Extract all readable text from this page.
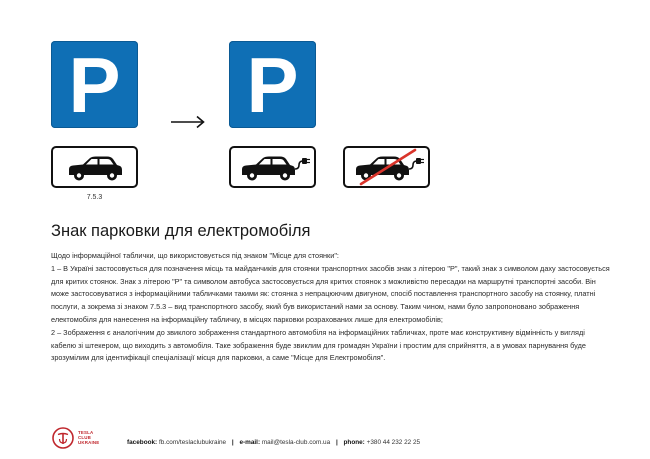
P
7.5.3
P
Знак парковки для електромобіля

Щодо інформаційної таблички, що використовується під знаком "Місце для стоянки":

1 – В Україні застосовується для позначення місць та майданчиків для стоянки транспортних засобів знак з літерою "P", такий знак з символом даху застосовується для критих стоянок. Знак з літерою "P" та символом автобуса застосовується для критих стоянок з можливістю пересадки на маршрутні транспортні засоби. Він може застосовуватися з інформаційними табличками такими як: стоянка з непрацюючим двигуном, спосіб поставлення транспортного засобу на стоянку, платні послуги, а зокрема зі знаком 7.5.3 – вид транспортного засобу, який був використаний нами за основу. Таким чином, нами було запропоновано зображення електомобіля для нанесення на інформаційну табличку, в місцях парковки розрахованих лише для електромобілів;

2 – Зображення є аналогічним до звиклого зображення стандартного автомобіля на інформаційних табличках, проте має конструктивну відмінність у вигляді кабелю зі штекером, що виходить з автомобіля. Таке зображення буде звиклим для громадян України і простим для сприйняття, а в умовах парнування буде зрозумілим для ідентифікації спеціалізації місця для парковки, а саме "Місце для Електромобіля".

TESLA
CLUB
UKRAINE	facebook: fb.com/teslaclubukraine | e-mail: mail@tesla-club.com.ua | phone: +380 44 232 22 25
